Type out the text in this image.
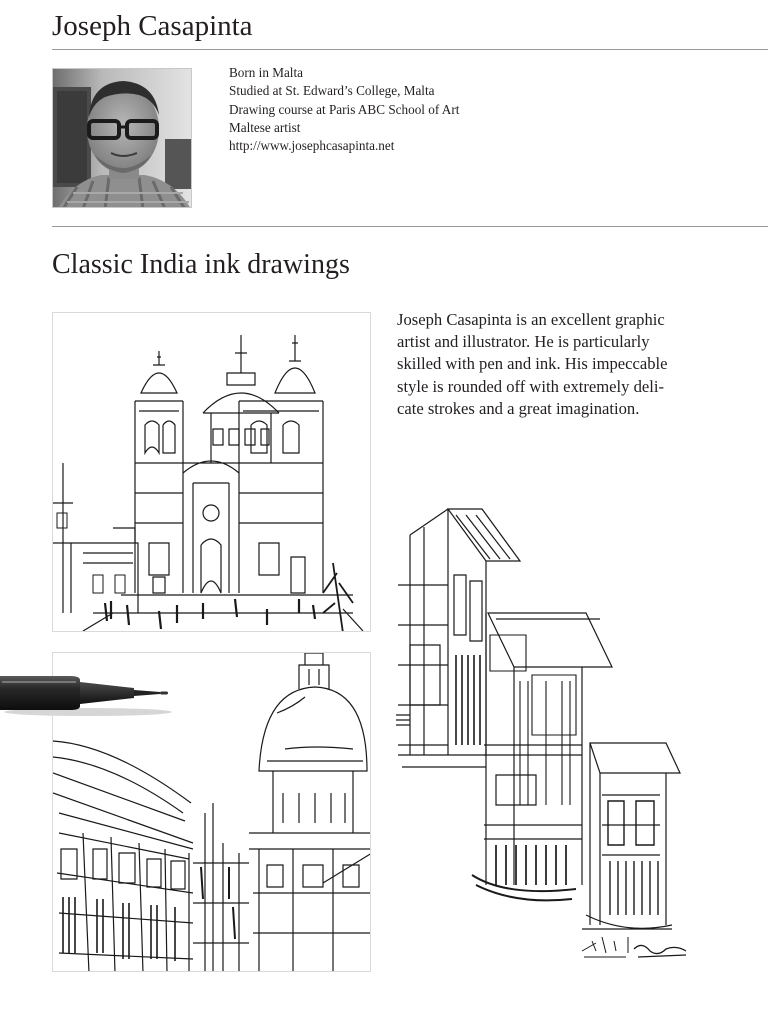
Joseph Casapinta
Born in Malta
Studied at St. Edward’s College, Malta
Drawing course at Paris ABC School of Art
Maltese artist
http://www.josephcasapinta.net
Classic India ink drawings

Joseph Casapinta is an excellent graphic
artist and illustrator. He is particularly
skilled with pen and ink. His impeccable
style is rounded off with extremely deli-
cate strokes and a great imagination.
